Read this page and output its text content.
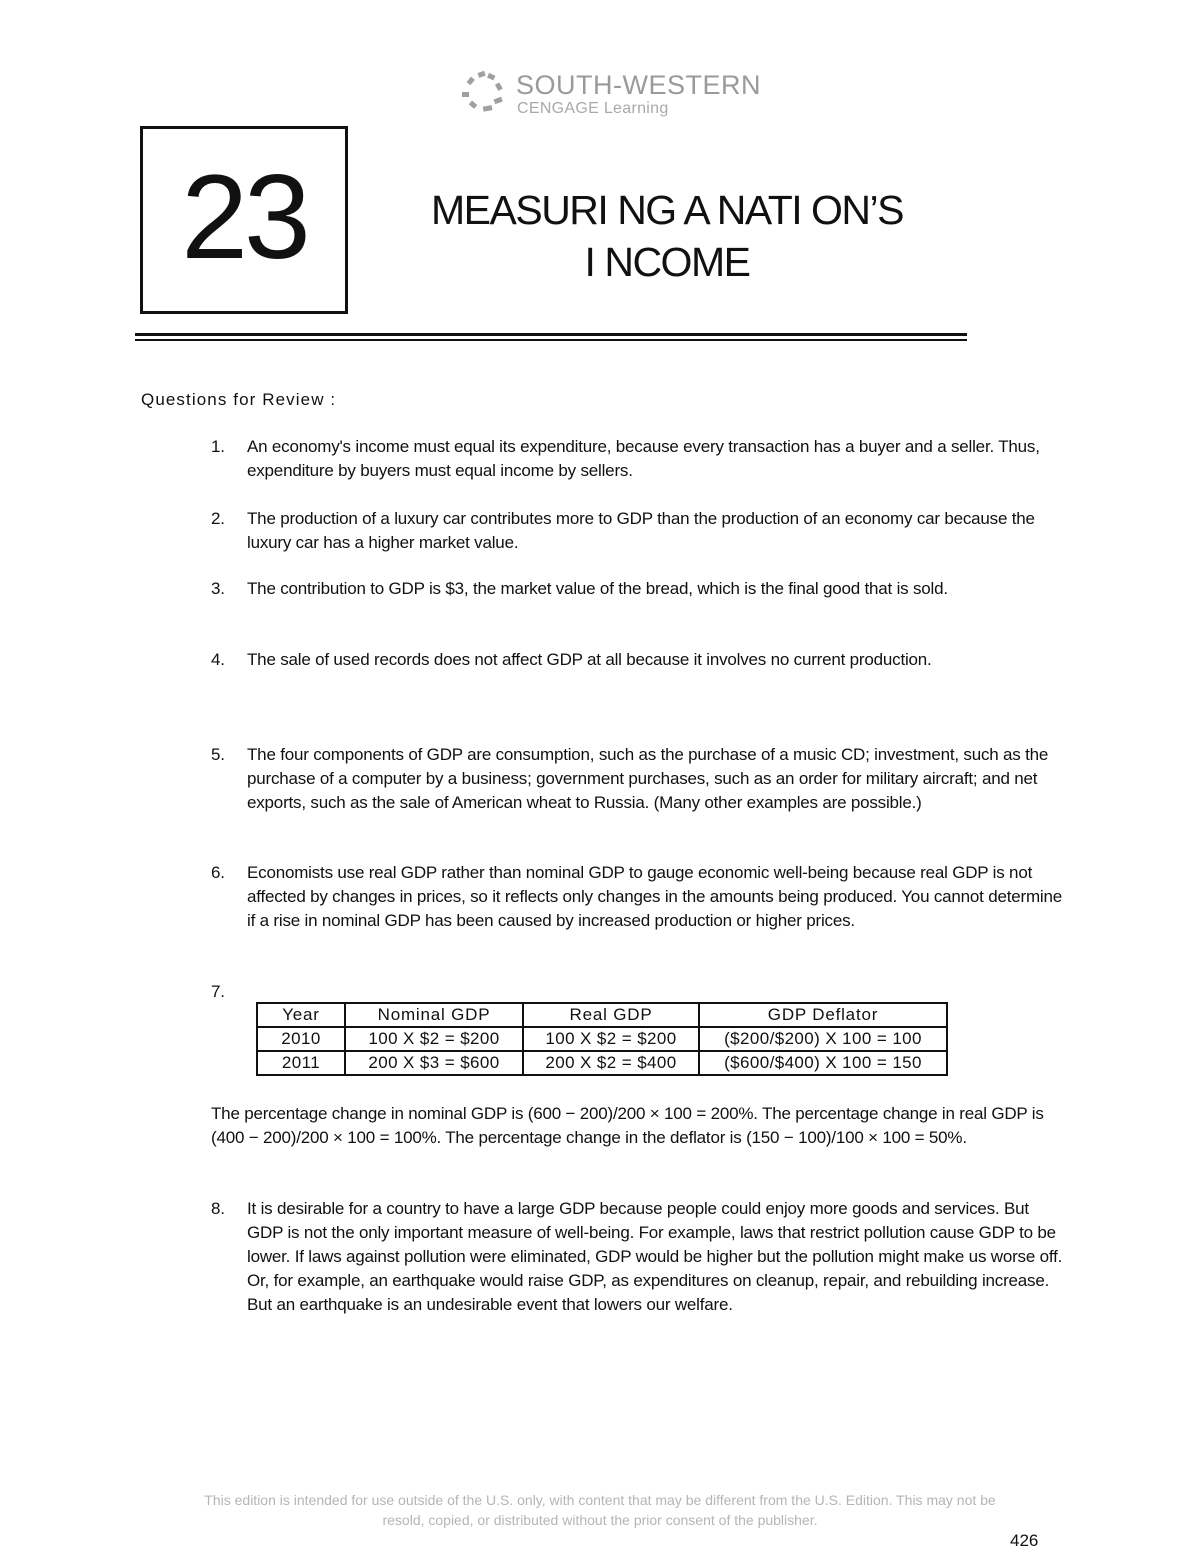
SOUTH-WESTERN
CENGAGE Learning
23	MEASURI NG A NATI ON’S
I NCOME
Questions for Review :
1. An economy's income must equal its expenditure, because every transaction has a buyer and a seller. Thus, expenditure by buyers must equal income by sellers.
2. The production of a luxury car contributes more to GDP than the production of an economy car because the luxury car has a higher market value.
3. The contribution to GDP is $3, the market value of the bread, which is the final good that is sold.
4. The sale of used records does not affect GDP at all because it involves no current production.
5. The four components of GDP are consumption, such as the purchase of a music CD; investment, such as the purchase of a computer by a business; government purchases, such as an order for military aircraft; and net exports, such as the sale of American wheat to Russia. (Many other examples are possible.)
6. Economists use real GDP rather than nominal GDP to gauge economic well-being because real GDP is not affected by changes in prices, so it reflects only changes in the amounts being produced. You cannot determine if a rise in nominal GDP has been caused by increased production or higher prices.
7.
Year	Nominal GDP	Real GDP	GDP Deflator
2010	100 X $2 = $200	100 X $2 = $200	($200/$200) X 100 = 100
2011	200 X $3 = $600	200 X $2 = $400	($600/$400) X 100 = 150
The percentage change in nominal GDP is (600 − 200)/200 × 100 = 200%. The percentage change in real GDP is (400 − 200)/200 × 100 = 100%. The percentage change in the deflator is (150 − 100)/100 × 100 = 50%.
8. It is desirable for a country to have a large GDP because people could enjoy more goods and services. But GDP is not the only important measure of well-being. For example, laws that restrict pollution cause GDP to be lower. If laws against pollution were eliminated, GDP would be higher but the pollution might make us worse off. Or, for example, an earthquake would raise GDP, as expenditures on cleanup, repair, and rebuilding increase. But an earthquake is an undesirable event that lowers our welfare.
This edition is intended for use outside of the U.S. only, with content that may be different from the U.S. Edition. This may not be
resold, copied, or distributed without the prior consent of the publisher.
426
